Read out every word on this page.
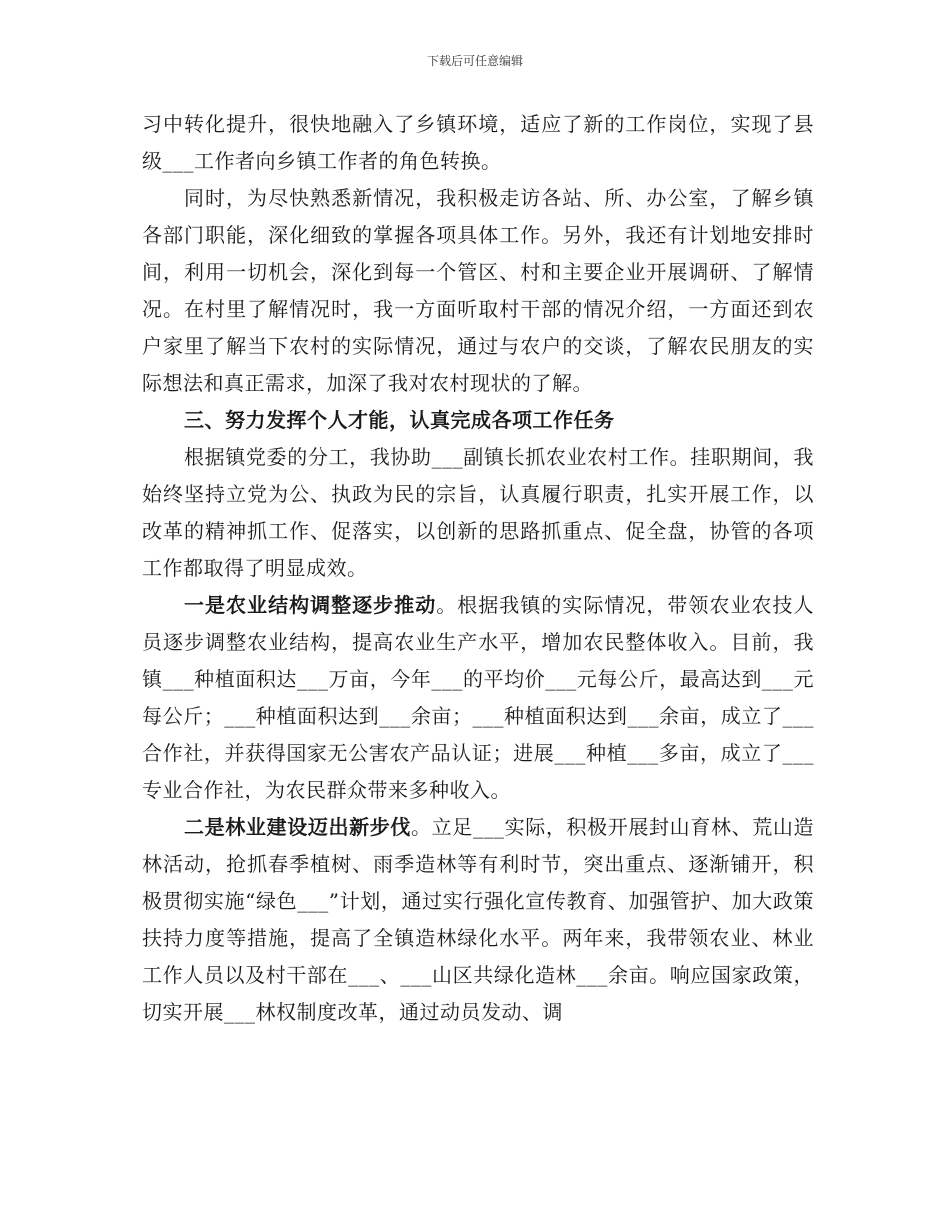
下载后可任意编辑

习中转化提升，很快地融入了乡镇环境，适应了新的工作岗位，实现了县级___工作者向乡镇工作者的角色转换。

同时，为尽快熟悉新情况，我积极走访各站、所、办公室，了解乡镇各部门职能，深化细致的掌握各项具体工作。另外，我还有计划地安排时间，利用一切机会，深化到每一个管区、村和主要企业开展调研、了解情况。在村里了解情况时，我一方面听取村干部的情况介绍，一方面还到农户家里了解当下农村的实际情况，通过与农户的交谈，了解农民朋友的实际想法和真正需求，加深了我对农村现状的了解。

三、努力发挥个人才能，认真完成各项工作任务

根据镇党委的分工，我协助___副镇长抓农业农村工作。挂职期间，我始终坚持立党为公、执政为民的宗旨，认真履行职责，扎实开展工作，以改革的精神抓工作、促落实，以创新的思路抓重点、促全盘，协管的各项工作都取得了明显成效。

一是农业结构调整逐步推动。根据我镇的实际情况，带领农业农技人员逐步调整农业结构，提高农业生产水平，增加农民整体收入。目前，我镇___种植面积达___万亩，今年___的平均价___元每公斤，最高达到___元每公斤；___种植面积达到___余亩；___种植面积达到___余亩，成立了___合作社，并获得国家无公害农产品认证；进展___种植___多亩，成立了___专业合作社，为农民群众带来多种收入。

二是林业建设迈出新步伐。立足___实际，积极开展封山育林、荒山造林活动，抢抓春季植树、雨季造林等有利时节，突出重点、逐渐铺开，积极贯彻实施“绿色___”计划，通过实行强化宣传教育、加强管护、加大政策扶持力度等措施，提高了全镇造林绿化水平。两年来，我带领农业、林业工作人员以及村干部在___、___山区共绿化造林___余亩。响应国家政策，切实开展___林权制度改革，通过动员发动、调
